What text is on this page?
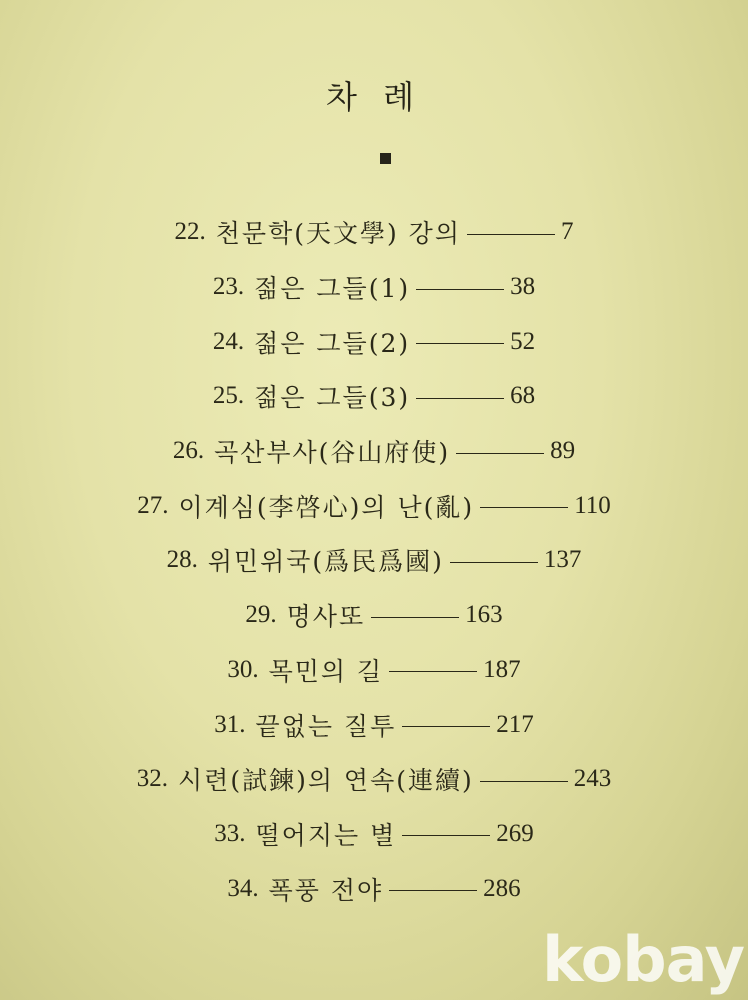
차 례
22. 천문학(天文學) 강의	7
23. 젊은 그들(1)	38
24. 젊은 그들(2)	52
25. 젊은 그들(3)	68
26. 곡산부사(谷山府使)	89
27. 이계심(李啓心)의 난(亂)	110
28. 위민위국(爲民爲國)	137
29. 명사또	163
30. 목민의 길	187
31. 끝없는 질투	217
32. 시련(試鍊)의 연속(連續)	243
33. 떨어지는 별	269
34. 폭풍 전야	286
kobay
